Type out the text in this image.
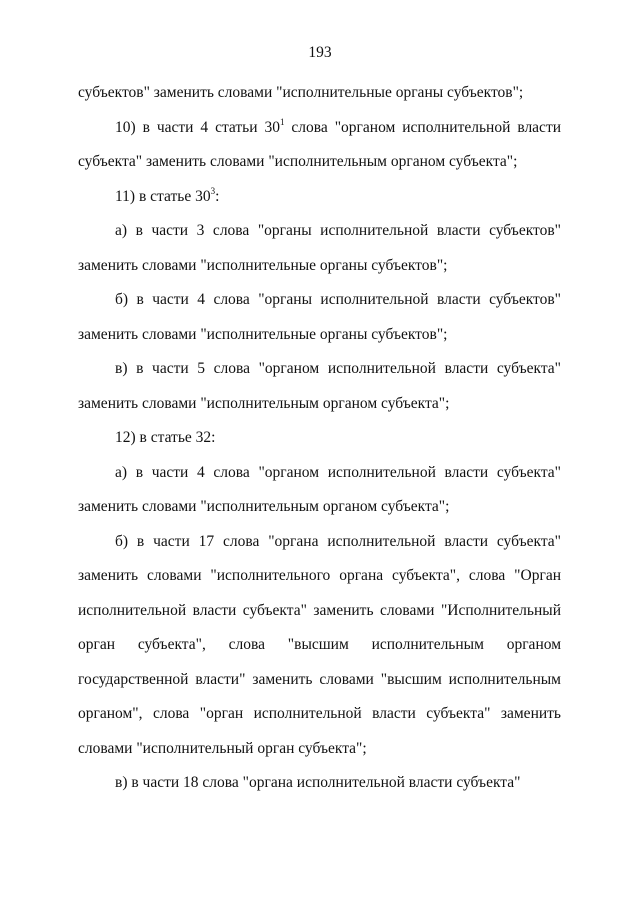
193

субъектов" заменить словами "исполнительные органы субъектов";

10) в части 4 статьи $30^1$ слова "органом исполнительной власти субъекта" заменить словами "исполнительным органом субъекта";

11) в статье $30^3$:

а) в части 3 слова "органы исполнительной власти субъектов" заменить словами "исполнительные органы субъектов";

б) в части 4 слова "органы исполнительной власти субъектов" заменить словами "исполнительные органы субъектов";

в) в части 5 слова "органом исполнительной власти субъекта" заменить словами "исполнительным органом субъекта";

12) в статье 32:

а) в части 4 слова "органом исполнительной власти субъекта" заменить словами "исполнительным органом субъекта";

б) в части 17 слова "органа исполнительной власти субъекта" заменить словами "исполнительного органа субъекта", слова "Орган исполнительной власти субъекта" заменить словами "Исполнительный орган субъекта", слова "высшим исполнительным органом государственной власти" заменить словами "высшим исполнительным органом", слова "орган исполнительной власти субъекта" заменить словами "исполнительный орган субъекта";

в) в части 18 слова "органа исполнительной власти субъекта"
